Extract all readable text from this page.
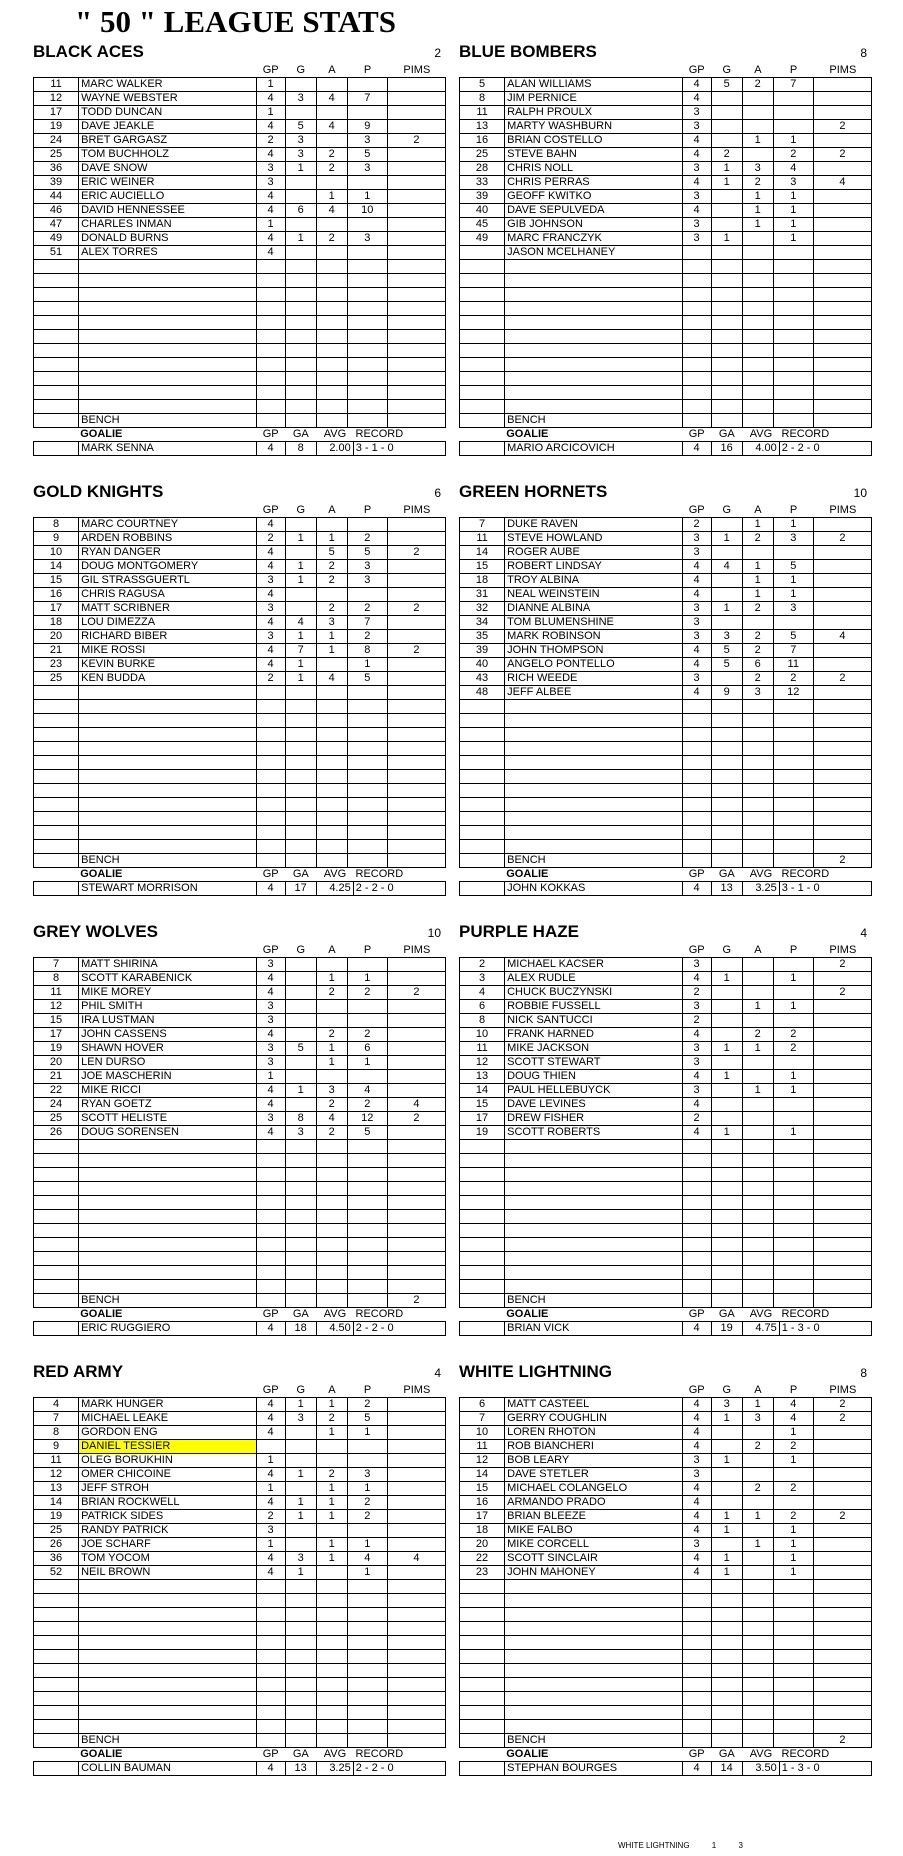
" 50 " LEAGUE STATS
BLACK ACES	2
		GP	G	A	P	PIMS
11	MARC WALKER	1				
12	WAYNE WEBSTER	4	3	4	7	
17	TODD DUNCAN	1				
19	DAVE JEAKLE	4	5	4	9	
24	BRET GARGASZ	2	3		3	2
25	TOM BUCHHOLZ	4	3	2	5	
36	DAVE SNOW	3	1	2	3	
39	ERIC WEINER	3				
44	ERIC AUCIELLO	4		1	1	
46	DAVID HENNESSEE	4	6	4	10	
47	CHARLES INMAN	1				
49	DONALD BURNS	4	1	2	3	
51	ALEX TORRES	4				

	BENCH					
	GOALIE	GP	GA	AVG	RECORD
	MARK SENNA	4	8	2.00	3 - 1 - 0
GOLD KNIGHTS	6
		GP	G	A	P	PIMS
8	MARC COURTNEY	4				
9	ARDEN ROBBINS	2	1	1	2	
10	RYAN DANGER	4		5	5	2
14	DOUG MONTGOMERY	4	1	2	3	
15	GIL STRASSGUERTL	3	1	2	3	
16	CHRIS RAGUSA	4				
17	MATT SCRIBNER	3		2	2	2
18	LOU DIMEZZA	4	4	3	7	
20	RICHARD BIBER	3	1	1	2	
21	MIKE ROSSI	4	7	1	8	2
23	KEVIN BURKE	4	1		1	
25	KEN BUDDA	2	1	4	5	

	BENCH					
	GOALIE	GP	GA	AVG	RECORD
	STEWART MORRISON	4	17	4.25	2 - 2 - 0
GREY WOLVES	10
		GP	G	A	P	PIMS
7	MATT SHIRINA	3				
8	SCOTT KARABENICK	4		1	1	
11	MIKE MOREY	4		2	2	2
12	PHIL SMITH	3				
15	IRA LUSTMAN	3				
17	JOHN CASSENS	4		2	2	
19	SHAWN HOVER	3	5	1	6	
20	LEN DURSO	3		1	1	
21	JOE MASCHERIN	1				
22	MIKE RICCI	4	1	3	4	
24	RYAN GOETZ	4		2	2	4
25	SCOTT HELISTE	3	8	4	12	2
26	DOUG SORENSEN	4	3	2	5	

	BENCH					2
	GOALIE	GP	GA	AVG	RECORD
	ERIC RUGGIERO	4	18	4.50	2 - 2 - 0
RED ARMY	4
		GP	G	A	P	PIMS
4	MARK HUNGER	4	1	1	2	
7	MICHAEL LEAKE	4	3	2	5	
8	GORDON ENG	4		1	1	
9	DANIEL TESSIER					
11	OLEG BORUKHIN	1				
12	OMER CHICOINE	4	1	2	3	
13	JEFF STROH	1		1	1	
14	BRIAN ROCKWELL	4	1	1	2	
19	PATRICK SIDES	2	1	1	2	
25	RANDY PATRICK	3				
26	JOE SCHARF	1		1	1	
36	TOM YOCOM	4	3	1	4	4
52	NEIL BROWN	4	1		1	

	BENCH					
	GOALIE	GP	GA	AVG	RECORD
	COLLIN BAUMAN	4	13	3.25	2 - 2 - 0
BLUE BOMBERS	8
		GP	G	A	P	PIMS
5	ALAN WILLIAMS	4	5	2	7	
8	JIM PERNICE	4				
11	RALPH PROULX	3				
13	MARTY WASHBURN	3				2
16	BRIAN COSTELLO	4		1	1	
25	STEVE BAHN	4	2		2	2
28	CHRIS NOLL	3	1	3	4	
33	CHRIS PERRAS	4	1	2	3	4
39	GEOFF KWITKO	3		1	1	
40	DAVE SEPULVEDA	4		1	1	
45	GIB JOHNSON	3		1	1	
49	MARC FRANCZYK	3	1		1	
	JASON MCELHANEY					

	BENCH					
	GOALIE	GP	GA	AVG	RECORD
	MARIO ARCICOVICH	4	16	4.00	2 - 2 - 0
GREEN HORNETS	10
		GP	G	A	P	PIMS
7	DUKE RAVEN	2		1	1	
11	STEVE HOWLAND	3	1	2	3	2
14	ROGER AUBE	3				
15	ROBERT LINDSAY	4	4	1	5	
18	TROY ALBINA	4		1	1	
31	NEAL WEINSTEIN	4		1	1	
32	DIANNE ALBINA	3	1	2	3	
34	TOM BLUMENSHINE	3				
35	MARK ROBINSON	3	3	2	5	4
39	JOHN THOMPSON	4	5	2	7	
40	ANGELO PONTELLO	4	5	6	11	
43	RICH WEEDE	3		2	2	2
48	JEFF ALBEE	4	9	3	12	

	BENCH					2
	GOALIE	GP	GA	AVG	RECORD
	JOHN KOKKAS	4	13	3.25	3 - 1 - 0
PURPLE HAZE	4
		GP	G	A	P	PIMS
2	MICHAEL KACSER	3				2
3	ALEX RUDLE	4	1		1	
4	CHUCK BUCZYNSKI	2				2
6	ROBBIE FUSSELL	3		1	1	
8	NICK SANTUCCI	2				
10	FRANK HARNED	4		2	2	
11	MIKE JACKSON	3	1	1	2	
12	SCOTT STEWART	3				
13	DOUG THIEN	4	1		1	
14	PAUL HELLEBUYCK	3		1	1	
15	DAVE LEVINES	4				
17	DREW FISHER	2				
19	SCOTT ROBERTS	4	1		1	

	BENCH					
	GOALIE	GP	GA	AVG	RECORD
	BRIAN VICK	4	19	4.75	1 - 3 - 0
WHITE LIGHTNING	8
		GP	G	A	P	PIMS
6	MATT CASTEEL	4	3	1	4	2
7	GERRY COUGHLIN	4	1	3	4	2
10	LOREN RHOTON	4			1	
11	ROB BIANCHERI	4		2	2	
12	BOB LEARY	3	1		1	
14	DAVE STETLER	3				
15	MICHAEL COLANGELO	4		2	2	
16	ARMANDO PRADO	4				
17	BRIAN BLEEZE	4	1	1	2	2
18	MIKE FALBO	4	1		1	
20	MIKE CORCELL	3		1	1	
22	SCOTT SINCLAIR	4	1		1	
23	JOHN MAHONEY	4	1		1	

	BENCH					2
	GOALIE	GP	GA	AVG	RECORD
	STEPHAN BOURGES	4	14	3.50	1 - 3 - 0
WHITE LIGHTNING	1	3
